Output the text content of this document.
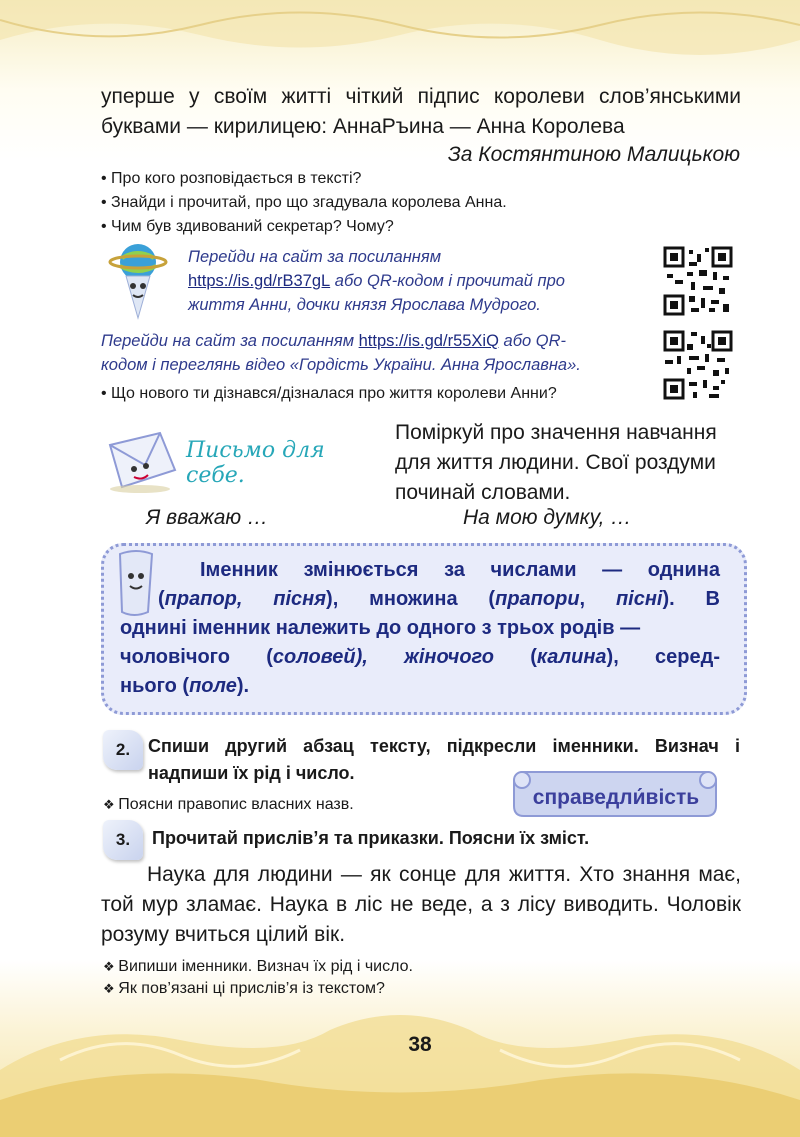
уперше у своїм житті чіткий підпис королеви слов’янськими буквами — кирилицею: АннаРъина — Анна Королева
За Костянтиною Малицькою
• Про кого розповідається в тексті?
• Знайди і прочитай, про що згадувала королева Анна.
• Чим був здивований секретар? Чому?
Перейди на сайт за посиланням
https://is.gd/rB37gL або QR-кодом і прочитай про
життя Анни, дочки князя Ярослава Мудрого.
Перейди на сайт за посиланням https://is.gd/r55XiQ або QR-
кодом і переглянь відео «Гордість України. Анна Ярославна».
• Що нового ти дізнався/дізналася про життя королеви Анни?
Письмо для себе.
Поміркуй про значення навчання
для життя людини. Свої роздуми
починай словами.
Я вважаю …	На мою думку, …
Іменник змінюється за числами — однина
(прапор, пісня), множина (прапори, пісні). В
однині іменник належить до одного з трьох родів —
чоловічого (соловей), жіночого (калина), серед-
нього (поле).
2. Спиши другий абзац тексту, підкресли іменники. Визнач і надпиши їх рід і число.
❖ Поясни правопис власних назв.	справедли́вість
3.	Прочитай прислів’я та приказки. Поясни їх зміст.
Наука для людини — як сонце для життя. Хто знання має, той мур зламає. Наука в ліс не веде, а з лісу виводить. Чоловік розуму вчиться цілий вік.
❖ Випиши іменники. Визнач їх рід і число.
❖ Як пов’язані ці прислів’я із текстом?
38
